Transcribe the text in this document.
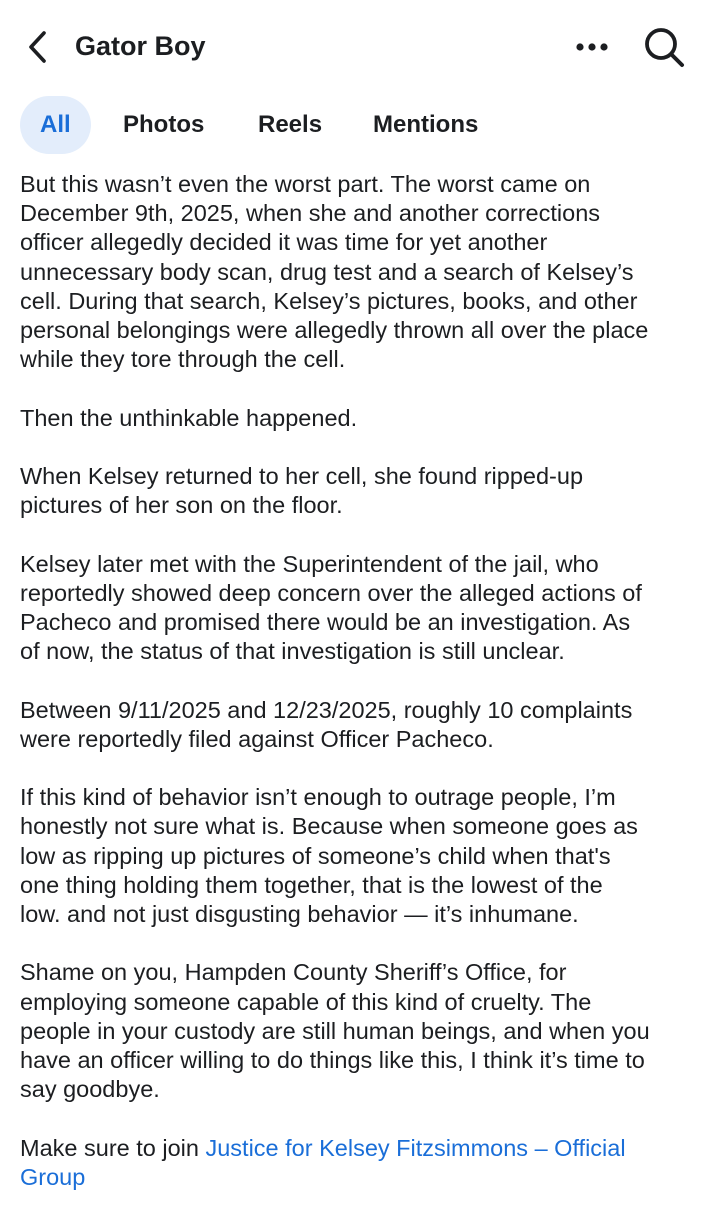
Gator Boy
All	Photos Reels Mentions
But this wasn’t even the worst part. The worst came on
December 9th, 2025, when she and another corrections
officer allegedly decided it was time for yet another
unnecessary body scan, drug test and a search of Kelsey’s
cell. During that search, Kelsey’s pictures, books, and other
personal belongings were allegedly thrown all over the place
while they tore through the cell.
Then the unthinkable happened.
When Kelsey returned to her cell, she found ripped-up
pictures of her son on the floor.
Kelsey later met with the Superintendent of the jail, who
reportedly showed deep concern over the alleged actions of
Pacheco and promised there would be an investigation. As
of now, the status of that investigation is still unclear.
Between 9/11/2025 and 12/23/2025, roughly 10 complaints
were reportedly filed against Officer Pacheco.
If this kind of behavior isn’t enough to outrage people, I’m
honestly not sure what is. Because when someone goes as
low as ripping up pictures of someone’s child when that's
one thing holding them together, that is the lowest of the
low. and not just disgusting behavior — it’s inhumane.
Shame on you, Hampden County Sheriff’s Office, for
employing someone capable of this kind of cruelty. The
people in your custody are still human beings, and when you
have an officer willing to do things like this, I think it’s time to
say goodbye.
Make sure to join Justice for Kelsey Fitzsimmons – Official
Group
